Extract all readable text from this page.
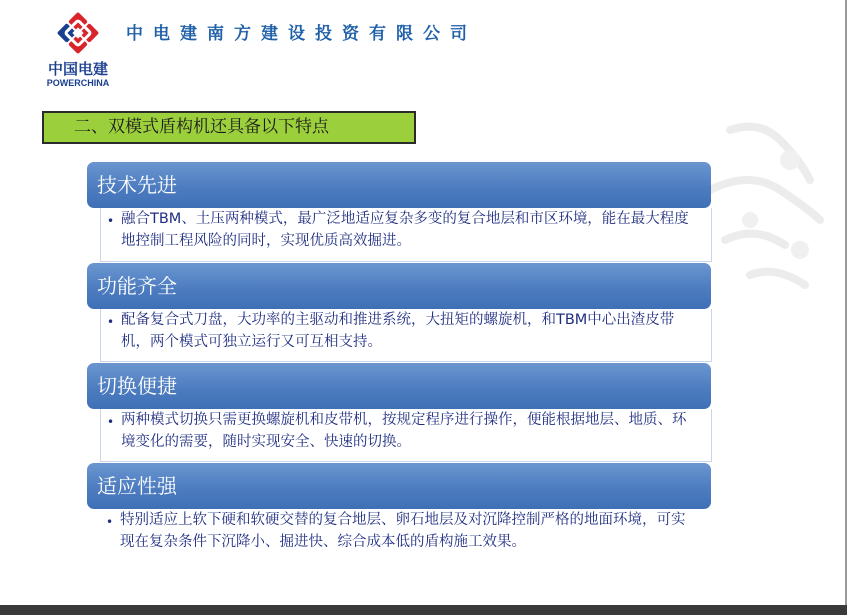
中国电建
POWERCHINA
中电建南方建设投资有限公司
二、双模式盾构机还具备以下特点
技术先进
• 融合TBM、土压两种模式，最广泛地适应复杂多变的复合地层和市区环境，能在最大程度地控制工程风险的同时，实现优质高效掘进。
功能齐全
• 配备复合式刀盘，大功率的主驱动和推进系统，大扭矩的螺旋机，和TBM中心出渣皮带机，两个模式可独立运行又可互相支持。
切换便捷
• 两种模式切换只需更换螺旋机和皮带机，按规定程序进行操作，便能根据地层、地质、环境变化的需要，随时实现安全、快速的切换。
适应性强
• 特别适应上软下硬和软硬交替的复合地层、卵石地层及对沉降控制严格的地面环境，可实现在复杂条件下沉降小、掘进快、综合成本低的盾构施工效果。
